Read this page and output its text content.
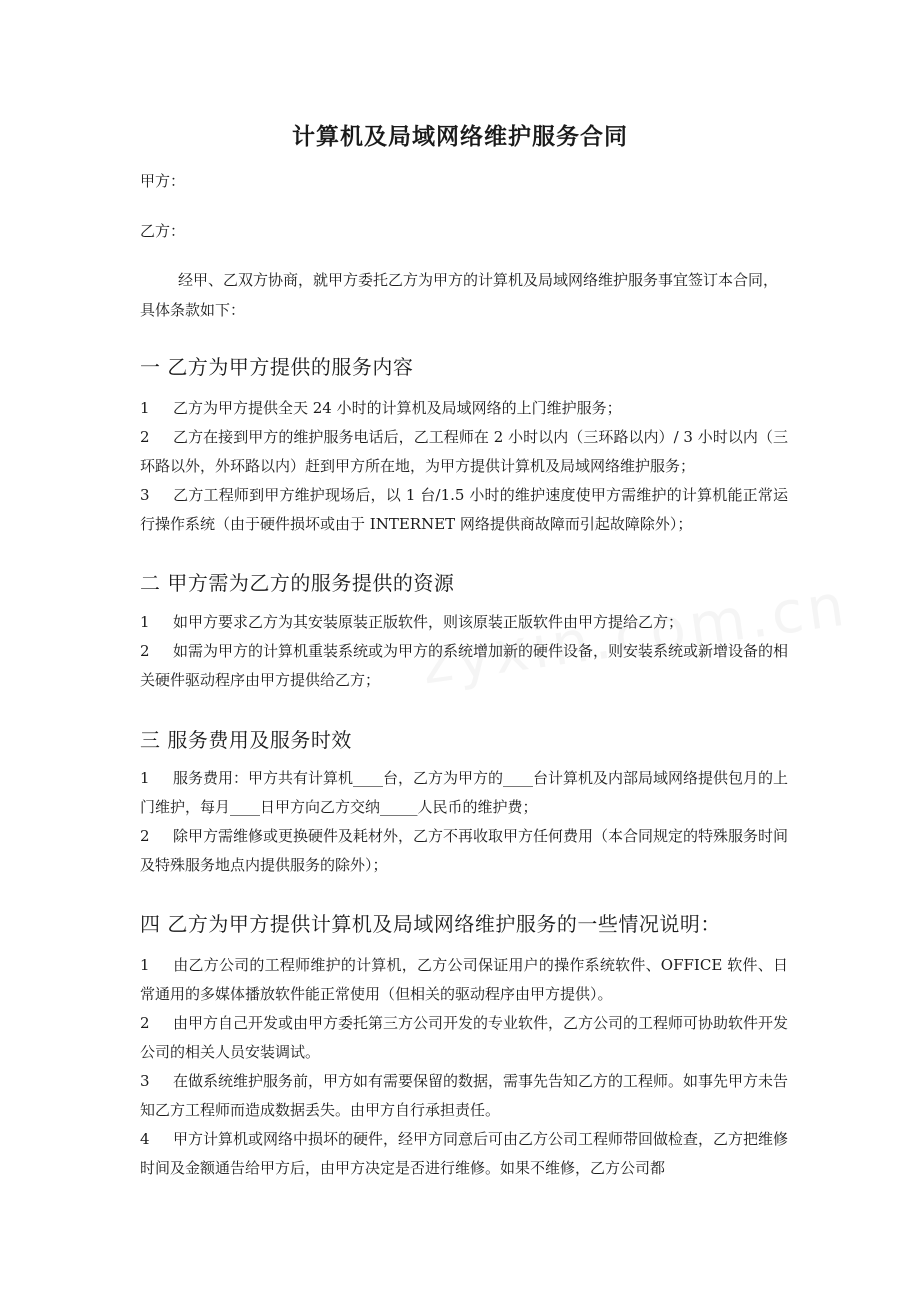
计算机及局域网络维护服务合同
甲方：
乙方：
经甲、乙双方协商，就甲方委托乙方为甲方的计算机及局域网络维护服务事宜签订本合同，具体条款如下：
一 乙方为甲方提供的服务内容
1 乙方为甲方提供全天 24 小时的计算机及局域网络的上门维护服务；
2 乙方在接到甲方的维护服务电话后，乙工程师在 2 小时以内（三环路以内）/ 3 小时以内（三环路以外，外环路以内）赶到甲方所在地，为甲方提供计算机及局域网络维护服务；
3 乙方工程师到甲方维护现场后，以 1 台/1.5 小时的维护速度使甲方需维护的计算机能正常运行操作系统（由于硬件损坏或由于 INTERNET 网络提供商故障而引起故障除外）；
二 甲方需为乙方的服务提供的资源
1 如甲方要求乙方为其安装原装正版软件，则该原装正版软件由甲方提给乙方；
2 如需为甲方的计算机重装系统或为甲方的系统增加新的硬件设备，则安装系统或新增设备的相关硬件驱动程序由甲方提供给乙方；
三 服务费用及服务时效
1 服务费用：甲方共有计算机____台，乙方为甲方的____台计算机及内部局域网络提供包月的上门维护，每月____日甲方向乙方交纳_____人民币的维护费；
2 除甲方需维修或更换硬件及耗材外，乙方不再收取甲方任何费用（本合同规定的特殊服务时间及特殊服务地点内提供服务的除外）；
四 乙方为甲方提供计算机及局域网络维护服务的一些情况说明：
1 由乙方公司的工程师维护的计算机，乙方公司保证用户的操作系统软件、OFFICE 软件、日常通用的多媒体播放软件能正常使用（但相关的驱动程序由甲方提供）。
2 由甲方自己开发或由甲方委托第三方公司开发的专业软件，乙方公司的工程师可协助软件开发公司的相关人员安装调试。
3 在做系统维护服务前，甲方如有需要保留的数据，需事先告知乙方的工程师。如事先甲方未告知乙方工程师而造成数据丢失。由甲方自行承担责任。
4 甲方计算机或网络中损坏的硬件，经甲方同意后可由乙方公司工程师带回做检查，乙方把维修时间及金额通告给甲方后，由甲方决定是否进行维修。如果不维修，乙方公司都
